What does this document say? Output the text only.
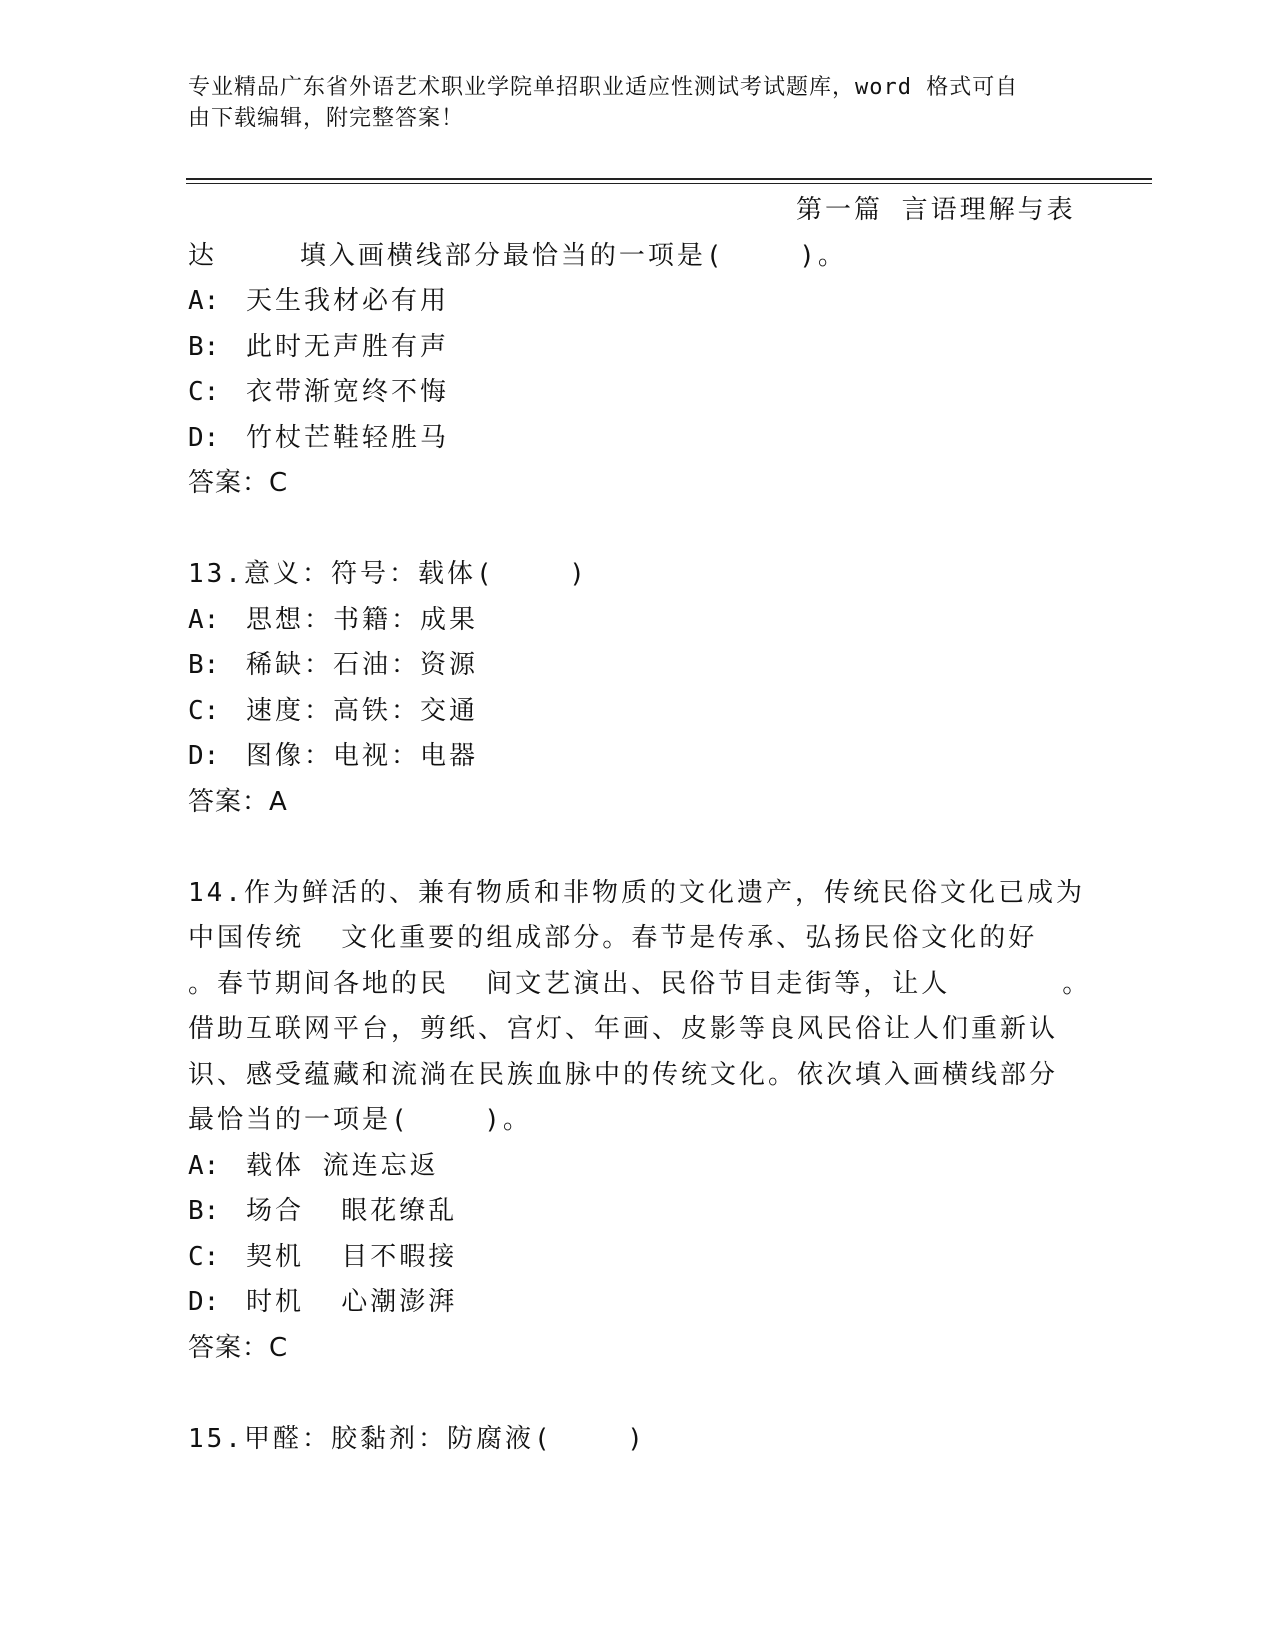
专业精品广东省外语艺术职业学院单招职业适应性测试考试题库，word 格式可自
由下载编辑，附完整答案！

填入画横线部分最恰当的一项是(    )。

第一篇 言语理解与表

达
A: 天生我材必有用
B: 此时无声胜有声
C: 衣带渐宽终不悔
D: 竹杖芒鞋轻胜马
答案：C
13.意义：符号：载体(    )
A: 思想：书籍：成果
B: 稀缺：石油：资源
C: 速度：高铁：交通
D: 图像：电视：电器
答案：A
14.作为鲜活的、兼有物质和非物质的文化遗产，传统民俗文化已成为
中国传统  文化重要的组成部分。春节是传承、弘扬民俗文化的好
。春节期间各地的民  间文艺演出、民俗节目走街等，让人      。
借助互联网平台，剪纸、宫灯、年画、皮影等良风民俗让人们重新认
识、感受蕴藏和流淌在民族血脉中的传统文化。依次填入画横线部分
最恰当的一项是(    )。
A: 载体 流连忘返
B: 场合  眼花缭乱
C: 契机  目不暇接
D: 时机  心潮澎湃
答案：C
15.甲醛：胶黏剂：防腐液(    )
